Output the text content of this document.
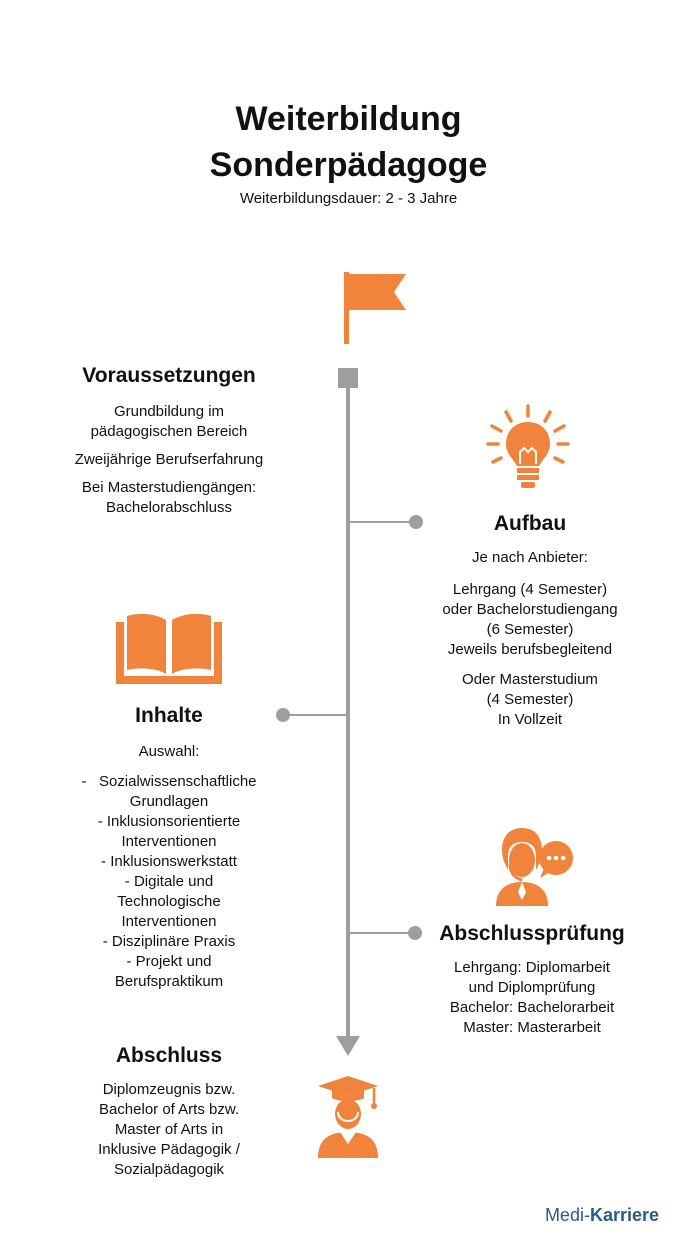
Weiterbildung
Sonderpädagoge
Weiterbildungsdauer: 2 - 3 Jahre
Voraussetzungen
Grundbildung im
pädagogischen Bereich
Zweijährige Berufserfahrung
Bei Masterstudiengängen:
Bachelorabschluss
Aufbau
Je nach Anbieter:
Lehrgang (4 Semester)
oder Bachelorstudiengang
(6 Semester)
Jeweils berufsbegleitend
Oder Masterstudium
(4 Semester)
In Vollzeit
Inhalte
Auswahl:
-   Sozialwissenschaftliche
Grundlagen
- Inklusionsorientierte
Interventionen
- Inklusionswerkstatt
- Digitale und
Technologische
Interventionen
- Disziplinäre Praxis
- Projekt und
Berufspraktikum
Abschlussprüfung
Lehrgang: Diplomarbeit
und Diplomprüfung
Bachelor: Bachelorarbeit
Master: Masterarbeit
Abschluss
Diplomzeugnis bzw.
Bachelor of Arts bzw.
Master of Arts in
Inklusive Pädagogik /
Sozialpädagogik
Medi-Karriere
